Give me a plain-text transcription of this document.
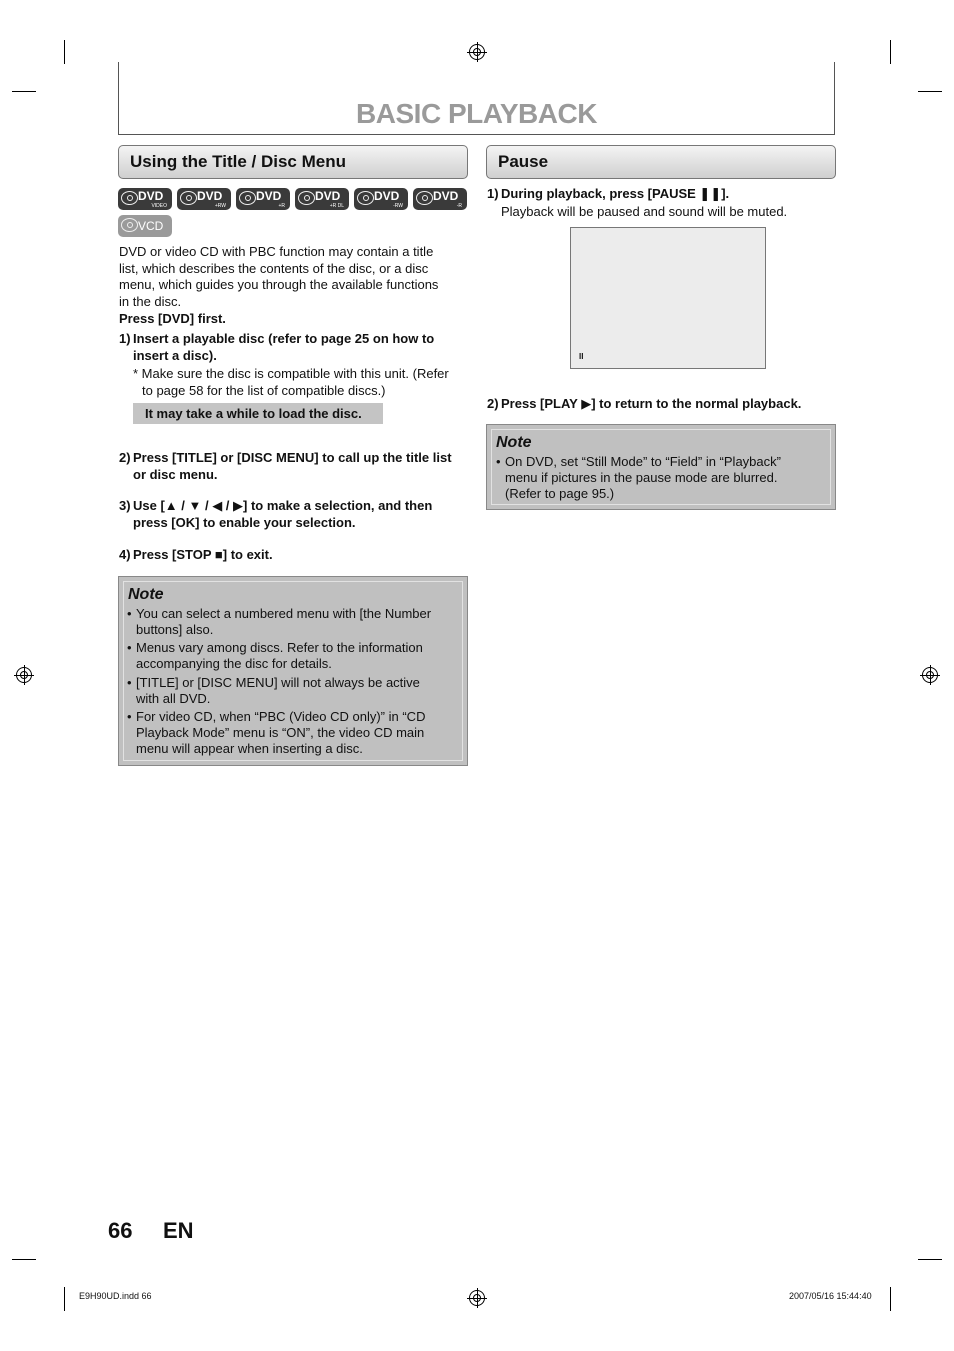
BASIC PLAYBACK
Using the Title / Disc Menu
DVD
VIDEO
DVD
+RW
DVD
+R
DVD
+R DL
DVD
-RW
DVD
-R
VCD
DVD or video CD with PBC function may contain a title
list, which describes the contents of the disc, or a disc
menu, which guides you through the available functions
in the disc.
Press [DVD] first.
1) Insert a playable disc (refer to page 25 on how to
insert a disc).
* Make sure the disc is compatible with this unit. (Refer
to page 58 for the list of compatible discs.)
It may take a while to load the disc.
2) Press [TITLE] or [DISC MENU] to call up the title list
or disc menu.
3) Use [▲ / ▼ / ◀ / ▶] to make a selection, and then
press [OK] to enable your selection.
4) Press [STOP ■] to exit.
Note
• You can select a numbered menu with [the Number
buttons] also.
• Menus vary among discs. Refer to the information
accompanying the disc for details.
• [TITLE] or [DISC MENU] will not always be active
with all DVD.
• For video CD, when “PBC (Video CD only)” in “CD
Playback Mode” menu is “ON”, the video CD main
menu will appear when inserting a disc.
Pause
1) During playback, press [PAUSE ❚❚].
Playback will be paused and sound will be muted.
II
2) Press [PLAY ▶] to return to the normal playback.
Note
• On DVD, set “Still Mode” to “Field” in “Playback”
menu if pictures in the pause mode are blurred.
(Refer to page 95.)
66 EN
E9H90UD.indd 66	2007/05/16 15:44:40
